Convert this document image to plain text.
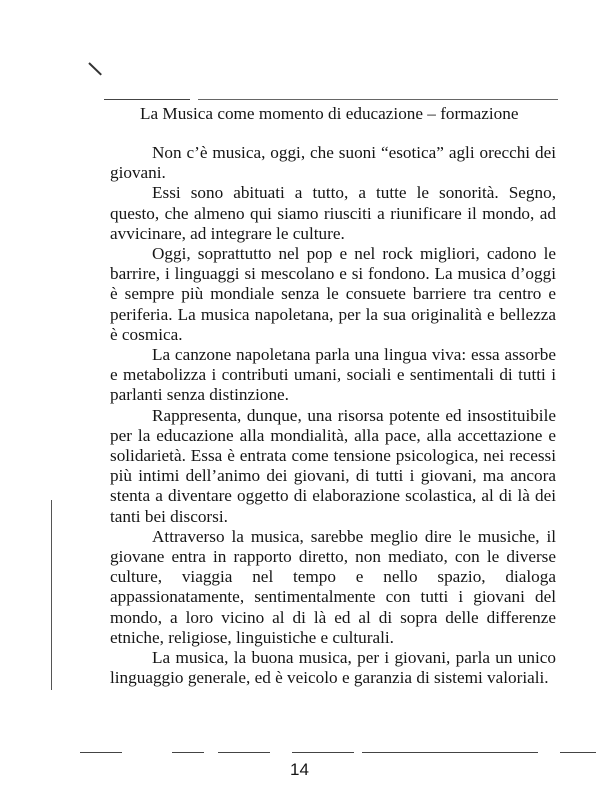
La Musica come momento di educazione – formazione

Non c’è musica, oggi, che suoni “esotica” agli orecchi dei giovani.

Essi sono abituati a tutto, a tutte le sonorità. Segno, questo, che almeno qui siamo riusciti a riunificare il mondo, ad avvicinare, ad integrare le culture.

Oggi, soprattutto nel pop e nel rock migliori, cadono le barrire, i linguaggi si mescolano e si fondono. La musica d’oggi è sempre più mondiale senza le consuete barriere tra centro e periferia. La musica napoletana, per la sua originalità e bellezza è cosmica.

La canzone napoletana parla una lingua viva: essa assorbe e metabolizza i contributi umani, sociali e sentimentali di tutti i parlanti senza distinzione.

Rappresenta, dunque, una risorsa potente ed insostituibile per la educazione alla mondialità, alla pace, alla accettazione e solidarietà. Essa è entrata come tensione psicologica, nei recessi più intimi dell’animo dei giovani, di tutti i giovani, ma ancora stenta a diventare oggetto di elaborazione scolastica, al di là dei tanti bei discorsi.

Attraverso la musica, sarebbe meglio dire le musiche, il giovane entra in rapporto diretto, non mediato, con le diverse culture, viaggia nel tempo e nello spazio, dialoga appassionatamente, sentimentalmente con tutti i giovani del mondo, a loro vicino al di là ed al di sopra delle differenze etniche, religiose, linguistiche e culturali.

La musica, la buona musica, per i giovani, parla un unico linguaggio generale, ed è veicolo e garanzia di sistemi valoriali.

14
